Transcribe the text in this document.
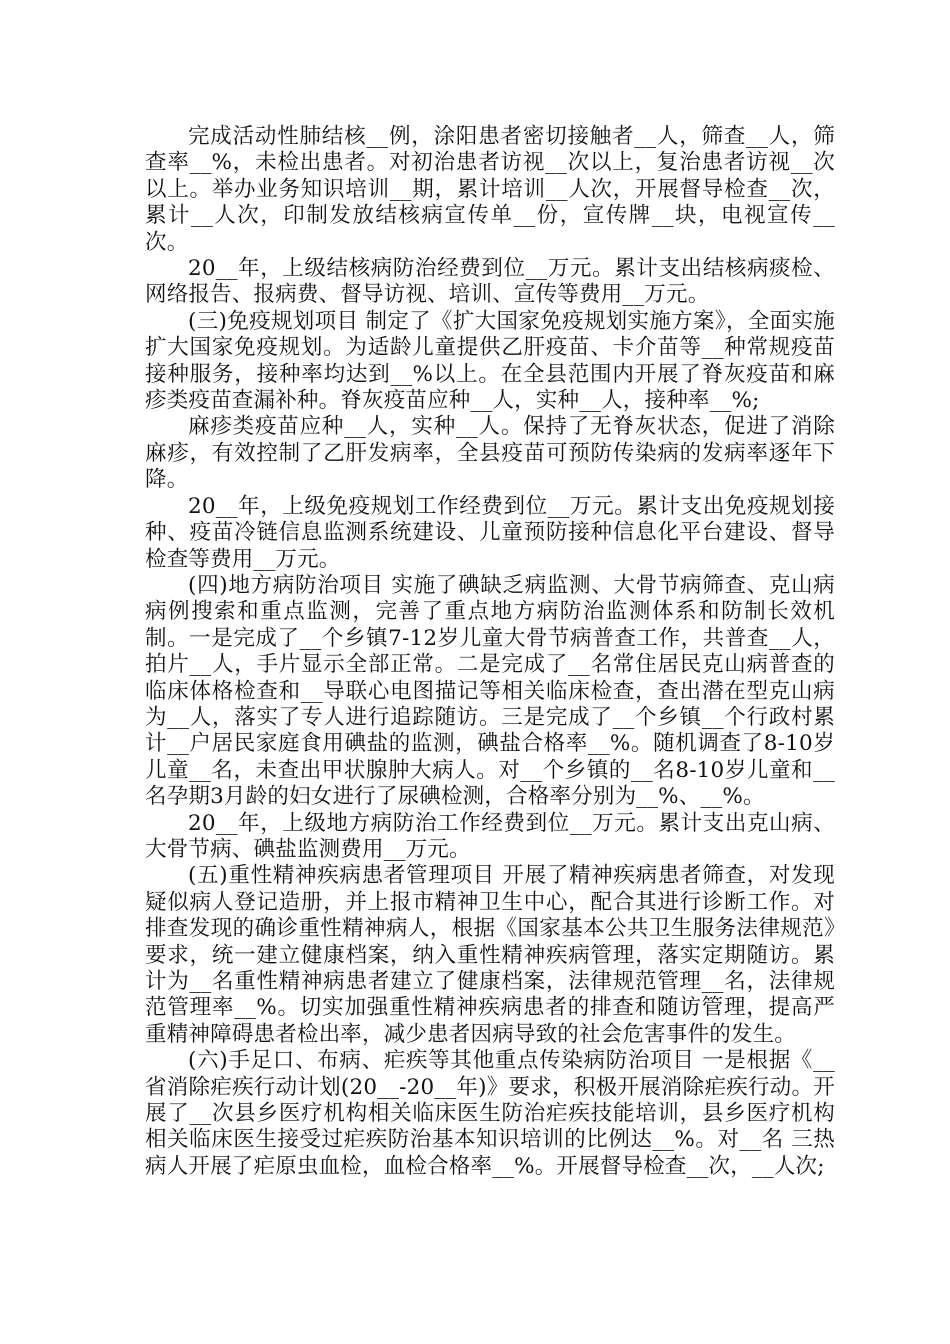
完成活动性肺结核__例，涂阳患者密切接触者__人，筛查__人，筛查率__%，未检出患者。对初治患者访视__次以上，复治患者访视__次以上。举办业务知识培训__期，累计培训__人次，开展督导检查__次，累计__人次，印制发放结核病宣传单__份，宣传牌__块，电视宣传__次。

20__年，上级结核病防治经费到位__万元。累计支出结核病痰检、网络报告、报病费、督导访视、培训、宣传等费用__万元。

(三)免疫规划项目 制定了《扩大国家免疫规划实施方案》，全面实施扩大国家免疫规划。为适龄儿童提供乙肝疫苗、卡介苗等__种常规疫苗接种服务，接种率均达到__%以上。在全县范围内开展了脊灰疫苗和麻疹类疫苗查漏补种。脊灰疫苗应种__人，实种__人，接种率__%;

麻疹类疫苗应种__人，实种__人。保持了无脊灰状态，促进了消除麻疹，有效控制了乙肝发病率，全县疫苗可预防传染病的发病率逐年下降。

20__年，上级免疫规划工作经费到位__万元。累计支出免疫规划接种、疫苗冷链信息监测系统建设、儿童预防接种信息化平台建设、督导检查等费用__万元。

(四)地方病防治项目 实施了碘缺乏病监测、大骨节病筛查、克山病病例搜索和重点监测，完善了重点地方病防治监测体系和防制长效机制。一是完成了__个乡镇7-12岁儿童大骨节病普查工作，共普查__人，拍片__人，手片显示全部正常。二是完成了__名常住居民克山病普查的临床体格检查和__导联心电图描记等相关临床检查，查出潜在型克山病为__人，落实了专人进行追踪随访。三是完成了__个乡镇__个行政村累计__户居民家庭食用碘盐的监测，碘盐合格率__%。随机调查了8-10岁儿童__名，未查出甲状腺肿大病人。对__个乡镇的__名8-10岁儿童和__名孕期3月龄的妇女进行了尿碘检测，合格率分别为__%、__%。

20__年，上级地方病防治工作经费到位__万元。累计支出克山病、大骨节病、碘盐监测费用__万元。

(五)重性精神疾病患者管理项目 开展了精神疾病患者筛查，对发现疑似病人登记造册，并上报市精神卫生中心，配合其进行诊断工作。对排查发现的确诊重性精神病人，根据《国家基本公共卫生服务法律规范》要求，统一建立健康档案，纳入重性精神疾病管理，落实定期随访。累计为__名重性精神病患者建立了健康档案，法律规范管理__名，法律规范管理率__%。切实加强重性精神疾病患者的排查和随访管理，提高严重精神障碍患者检出率，减少患者因病导致的社会危害事件的发生。

(六)手足口、布病、疟疾等其他重点传染病防治项目 一是根据《__省消除疟疾行动计划(20__-20__年)》要求，积极开展消除疟疾行动。开展了__次县乡医疗机构相关临床医生防治疟疾技能培训，县乡医疗机构相关临床医生接受过疟疾防治基本知识培训的比例达__%。对__名 三热 病人开展了疟原虫血检，血检合格率__%。开展督导检查__次，__人次;
